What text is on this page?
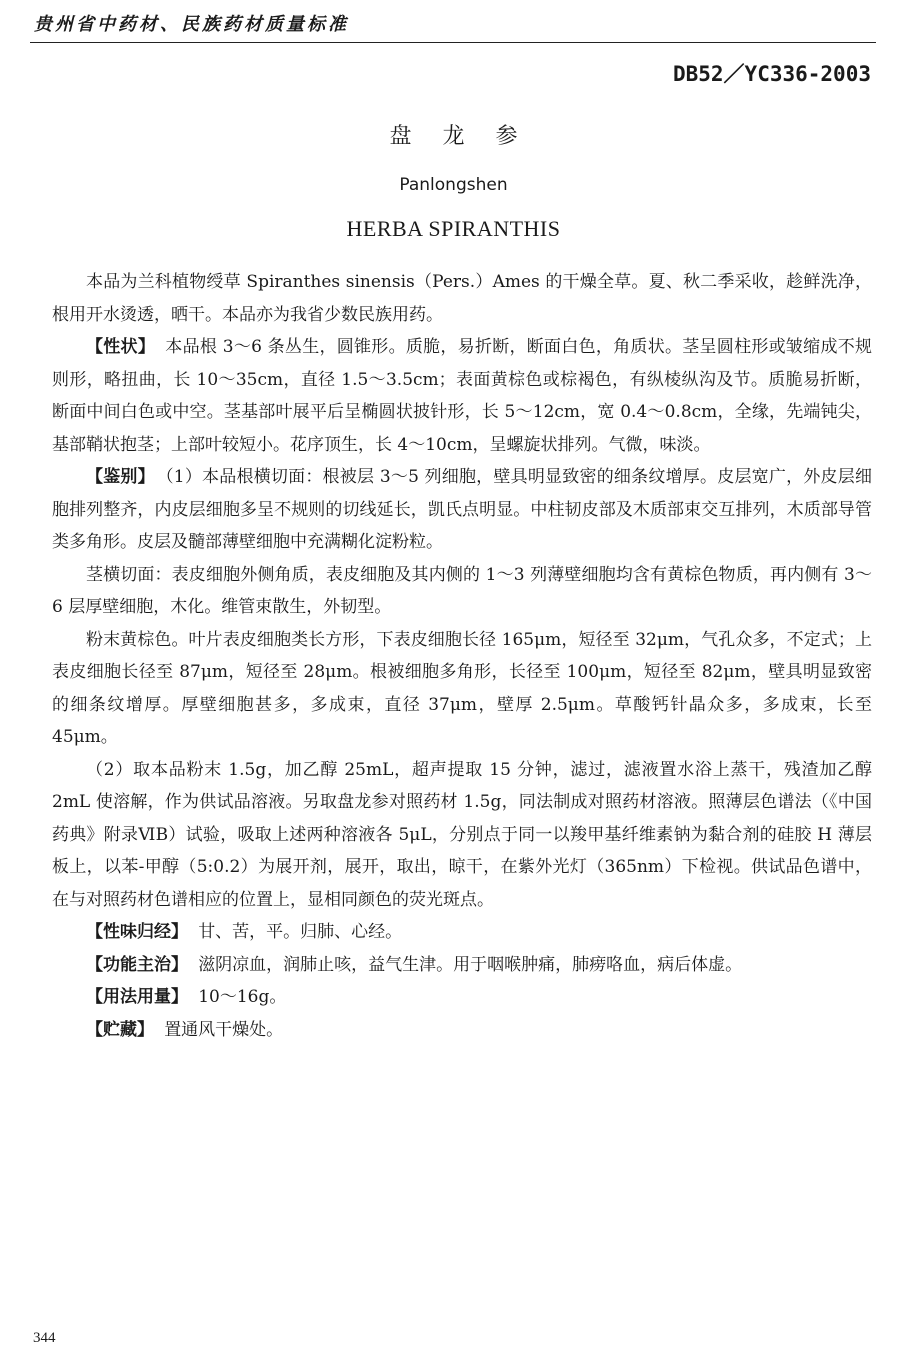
贵州省中药材、民族药材质量标准
DB52／YC336-2003
盘 龙 参
Panlongshen
HERBA SPIRANTHIS

本品为兰科植物绶草 Spiranthes sinensis（Pers.）Ames 的干燥全草。夏、秋二季采收，趁鲜洗净，根用开水烫透，晒干。本品亦为我省少数民族用药。

【性状】 本品根 3～6 条丛生，圆锥形。质脆，易折断，断面白色，角质状。茎呈圆柱形或皱缩成不规则形，略扭曲，长 10～35cm，直径 1.5～3.5cm；表面黄棕色或棕褐色，有纵棱纵沟及节。质脆易折断，断面中间白色或中空。茎基部叶展平后呈椭圆状披针形，长 5～12cm，宽 0.4～0.8cm，全缘，先端钝尖，基部鞘状抱茎；上部叶较短小。花序顶生，长 4～10cm，呈螺旋状排列。气微，味淡。

【鉴别】 （1）本品根横切面：根被层 3～5 列细胞，壁具明显致密的细条纹增厚。皮层宽广，外皮层细胞排列整齐，内皮层细胞多呈不规则的切线延长，凯氏点明显。中柱韧皮部及木质部束交互排列，木质部导管类多角形。皮层及髓部薄壁细胞中充满糊化淀粉粒。

茎横切面：表皮细胞外侧角质，表皮细胞及其内侧的 1～3 列薄壁细胞均含有黄棕色物质，再内侧有 3～6 层厚壁细胞，木化。维管束散生，外韧型。

粉末黄棕色。叶片表皮细胞类长方形，下表皮细胞长径 165μm，短径至 32μm，气孔众多，不定式；上表皮细胞长径至 87μm，短径至 28μm。根被细胞多角形，长径至 100μm，短径至 82μm，壁具明显致密的细条纹增厚。厚壁细胞甚多，多成束，直径 37μm，壁厚 2.5μm。草酸钙针晶众多，多成束，长至 45μm。

（2）取本品粉末 1.5g，加乙醇 25mL，超声提取 15 分钟，滤过，滤液置水浴上蒸干，残渣加乙醇 2mL 使溶解，作为供试品溶液。另取盘龙参对照药材 1.5g，同法制成对照药材溶液。照薄层色谱法（《中国药典》附录ⅥB）试验，吸取上述两种溶液各 5μL，分别点于同一以羧甲基纤维素钠为黏合剂的硅胶 H 薄层板上，以苯-甲醇（5:0.2）为展开剂，展开，取出，晾干，在紫外光灯（365nm）下检视。供试品色谱中，在与对照药材色谱相应的位置上，显相同颜色的荧光斑点。

【性味归经】 甘、苦，平。归肺、心经。

【功能主治】 滋阴凉血，润肺止咳，益气生津。用于咽喉肿痛，肺痨咯血，病后体虚。

【用法用量】 10～16g。

【贮藏】 置通风干燥处。

344
